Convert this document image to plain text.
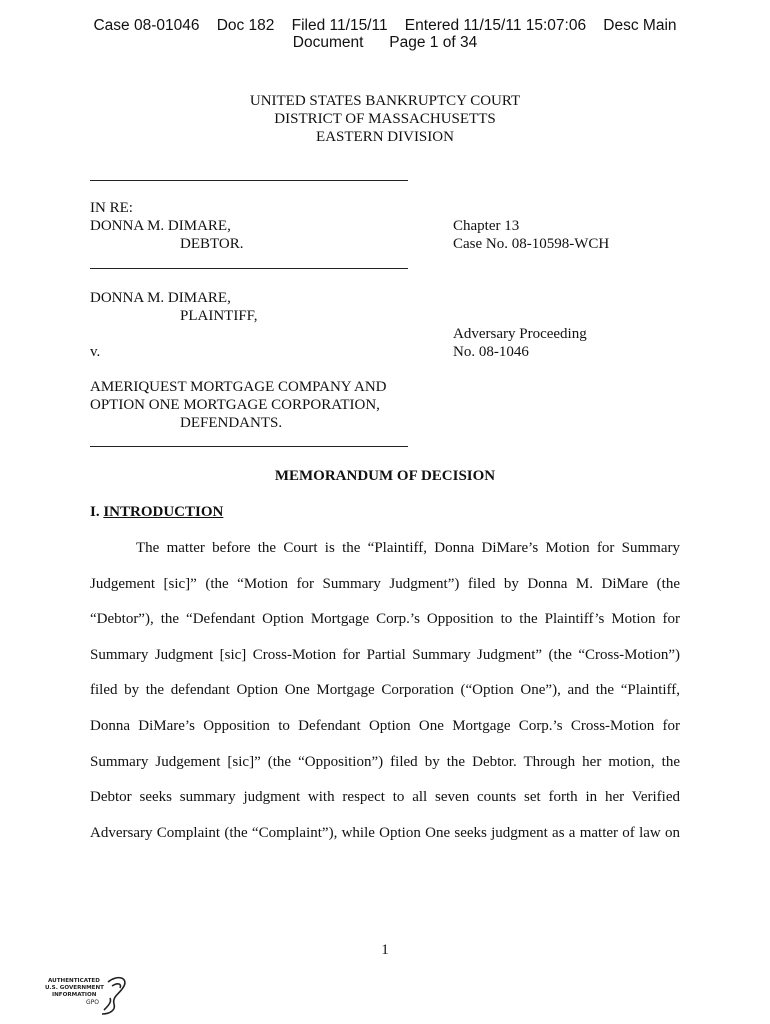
Case 08-01046    Doc 182    Filed 11/15/11    Entered 11/15/11 15:07:06    Desc Main
Document      Page 1 of 34
UNITED STATES BANKRUPTCY COURT
DISTRICT OF MASSACHUSETTS
EASTERN DIVISION
IN RE:
DONNA M. DIMARE,
DEBTOR.
Chapter 13
Case No. 08-10598-WCH
DONNA M. DIMARE,
PLAINTIFF,
Adversary Proceeding
No. 08-1046
v.
AMERIQUEST MORTGAGE COMPANY AND
OPTION ONE MORTGAGE CORPORATION,
DEFENDANTS.
MEMORANDUM OF DECISION
I. INTRODUCTION
The matter before the Court is the “Plaintiff, Donna DiMare’s Motion for Summary
Judgement [sic]” (the “Motion for Summary Judgment”) filed by Donna M. DiMare (the
“Debtor”), the “Defendant Option Mortgage Corp.’s Opposition to the Plaintiff’s Motion for
Summary Judgment [sic] Cross-Motion for Partial Summary Judgment” (the “Cross-Motion”)
filed by the defendant Option One Mortgage Corporation (“Option One”), and the “Plaintiff,
Donna DiMare’s Opposition to Defendant Option One Mortgage Corp.’s Cross-Motion for
Summary Judgement [sic]” (the “Opposition”) filed by the Debtor. Through her motion, the
Debtor seeks summary judgment with respect to all seven counts set forth in her Verified
Adversary Complaint (the “Complaint”), while Option One seeks judgment as a matter of law on
1
AUTHENTICATED
U.S. GOVERNMENT
INFORMATION
GPO
